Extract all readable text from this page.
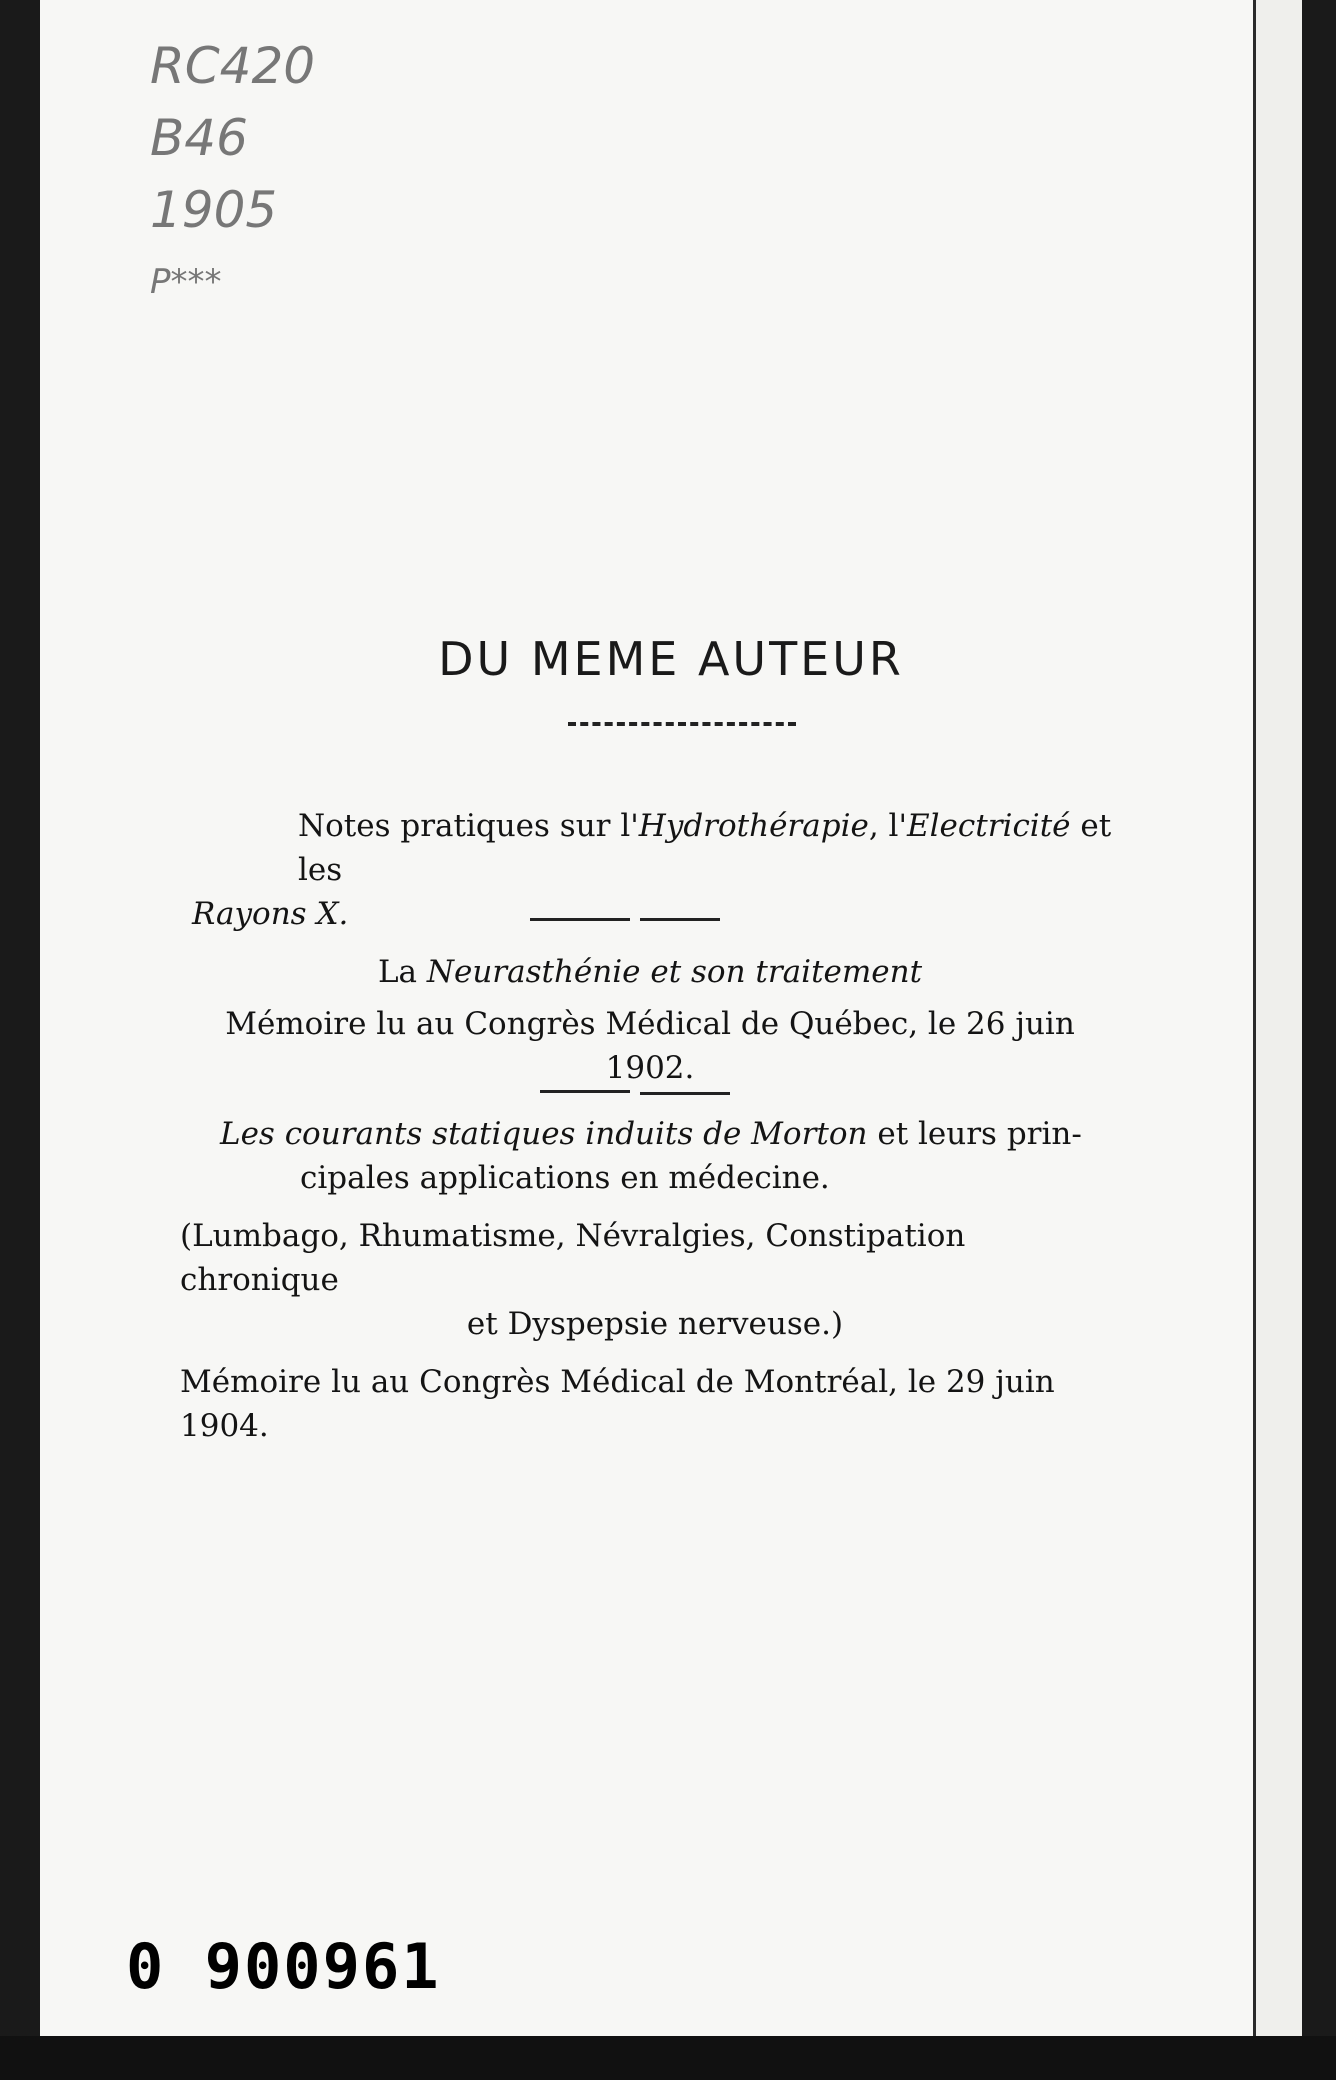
RC420
B46
1905
P***
DU MEME AUTEUR
Notes pratiques sur l'Hydrothérapie, l'Electricité et les
Rayons X.
La Neurasthénie et son traitement
Mémoire lu au Congrès Médical de Québec, le 26 juin 1902.
Les courants statiques induits de Morton et leurs prin-
cipales applications en médecine.
(Lumbago, Rhumatisme, Névralgies, Constipation chronique
et Dyspepsie nerveuse.)
Mémoire lu au Congrès Médical de Montréal, le 29 juin 1904.
0 900961
